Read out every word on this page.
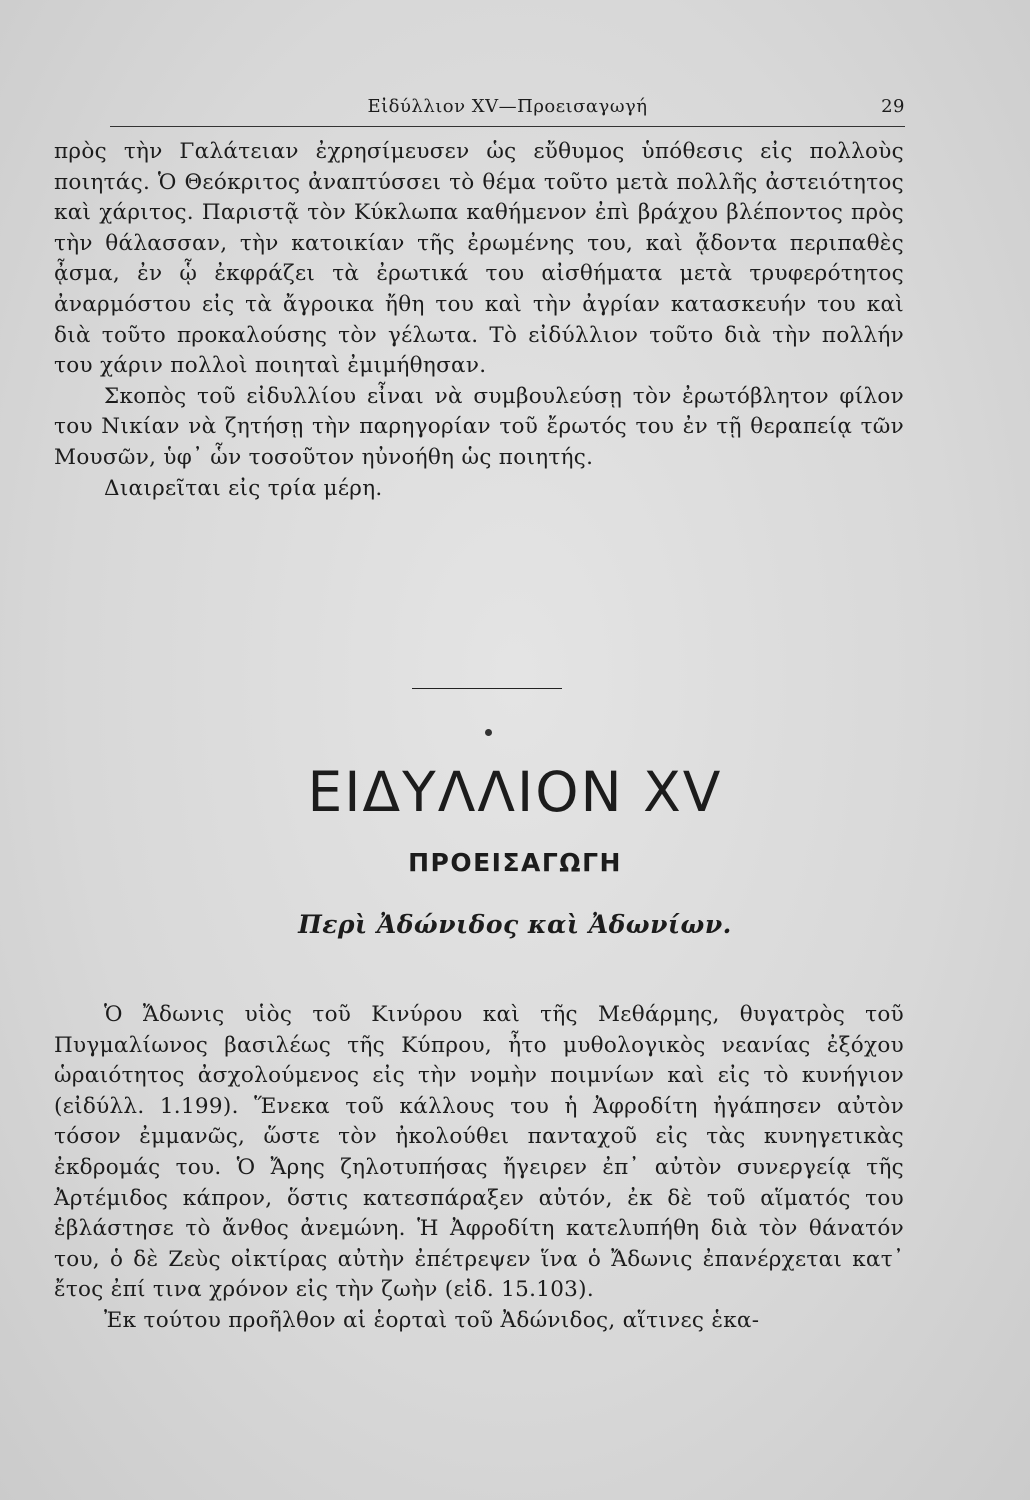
Εἰδύλλιον XV—Προεισαγωγή	29

πρὸς τὴν Γαλάτειαν ἐχρησίμευσεν ὡς εὔθυμος ὑπόθεσις εἰς πολλοὺς ποιητάς. Ὁ Θεόκριτος ἀναπτύσσει τὸ θέμα τοῦτο μετὰ πολλῆς ἀστειότητος καὶ χάριτος. Παριστᾷ τὸν Κύκλωπα καθήμενον ἐπὶ βράχου βλέποντος πρὸς τὴν θάλασσαν, τὴν κατοικίαν τῆς ἐρωμένης του, καὶ ᾄδοντα περιπαθὲς ᾆσμα, ἐν ᾧ ἐκφράζει τὰ ἐρωτικά του αἰσθήματα μετὰ τρυφερότητος ἀναρμόστου εἰς τὰ ἄγροικα ἤθη του καὶ τὴν ἀγρίαν κατασκευήν του καὶ διὰ τοῦτο προκαλούσης τὸν γέλωτα. Τὸ εἰδύλλιον τοῦτο διὰ τὴν πολλήν του χάριν πολλοὶ ποιηταὶ ἐμιμήθησαν.

Σκοπὸς τοῦ εἰδυλλίου εἶναι νὰ συμβουλεύσῃ τὸν ἐρωτόβλητον φίλον του Νικίαν νὰ ζητήσῃ τὴν παρηγορίαν τοῦ ἔρωτός του ἐν τῇ θεραπείᾳ τῶν Μουσῶν, ὑφ᾽ ὧν τοσοῦτον ηὐνοήθη ὡς ποιητής.

Διαιρεῖται εἰς τρία μέρη.

ΕΙΔΥΛΛΙΟΝ XV
ΠΡΟΕΙΣΑΓΩΓΗ
Περὶ Ἀδώνιδος καὶ Ἀδωνίων.

Ὁ Ἄδωνις υἱὸς τοῦ Κινύρου καὶ τῆς Μεθάρμης, θυγατρὸς τοῦ Πυγμαλίωνος βασιλέως τῆς Κύπρου, ἦτο μυθολογικὸς νεανίας ἐξόχου ὡραιότητος ἀσχολούμενος εἰς τὴν νομὴν ποιμνίων καὶ εἰς τὸ κυνήγιον (εἰδύλλ. 1.199). Ἕνεκα τοῦ κάλλους του ἡ Ἀφροδίτη ἠγάπησεν αὐτὸν τόσον ἐμμανῶς, ὥστε τὸν ἠκολούθει πανταχοῦ εἰς τὰς κυνηγετικὰς ἐκδρομάς του. Ὁ Ἄρης ζηλοτυπήσας ἤγειρεν ἐπ᾽ αὐτὸν συνεργείᾳ τῆς Ἀρτέμιδος κάπρον, ὅστις κατεσπάραξεν αὐτόν, ἐκ δὲ τοῦ αἵματός του ἐβλάστησε τὸ ἄνθος ἀνεμώνη. Ἡ Ἀφροδίτη κατελυπήθη διὰ τὸν θάνατόν του, ὁ δὲ Ζεὺς οἰκτίρας αὐτὴν ἐπέτρεψεν ἵνα ὁ Ἄδωνις ἐπανέρχεται κατ᾽ ἔτος ἐπί τινα χρόνον εἰς τὴν ζωὴν (εἰδ. 15.103).

Ἐκ τούτου προῆλθον αἱ ἑορταὶ τοῦ Ἀδώνιδος, αἵτινες ἑκα-
